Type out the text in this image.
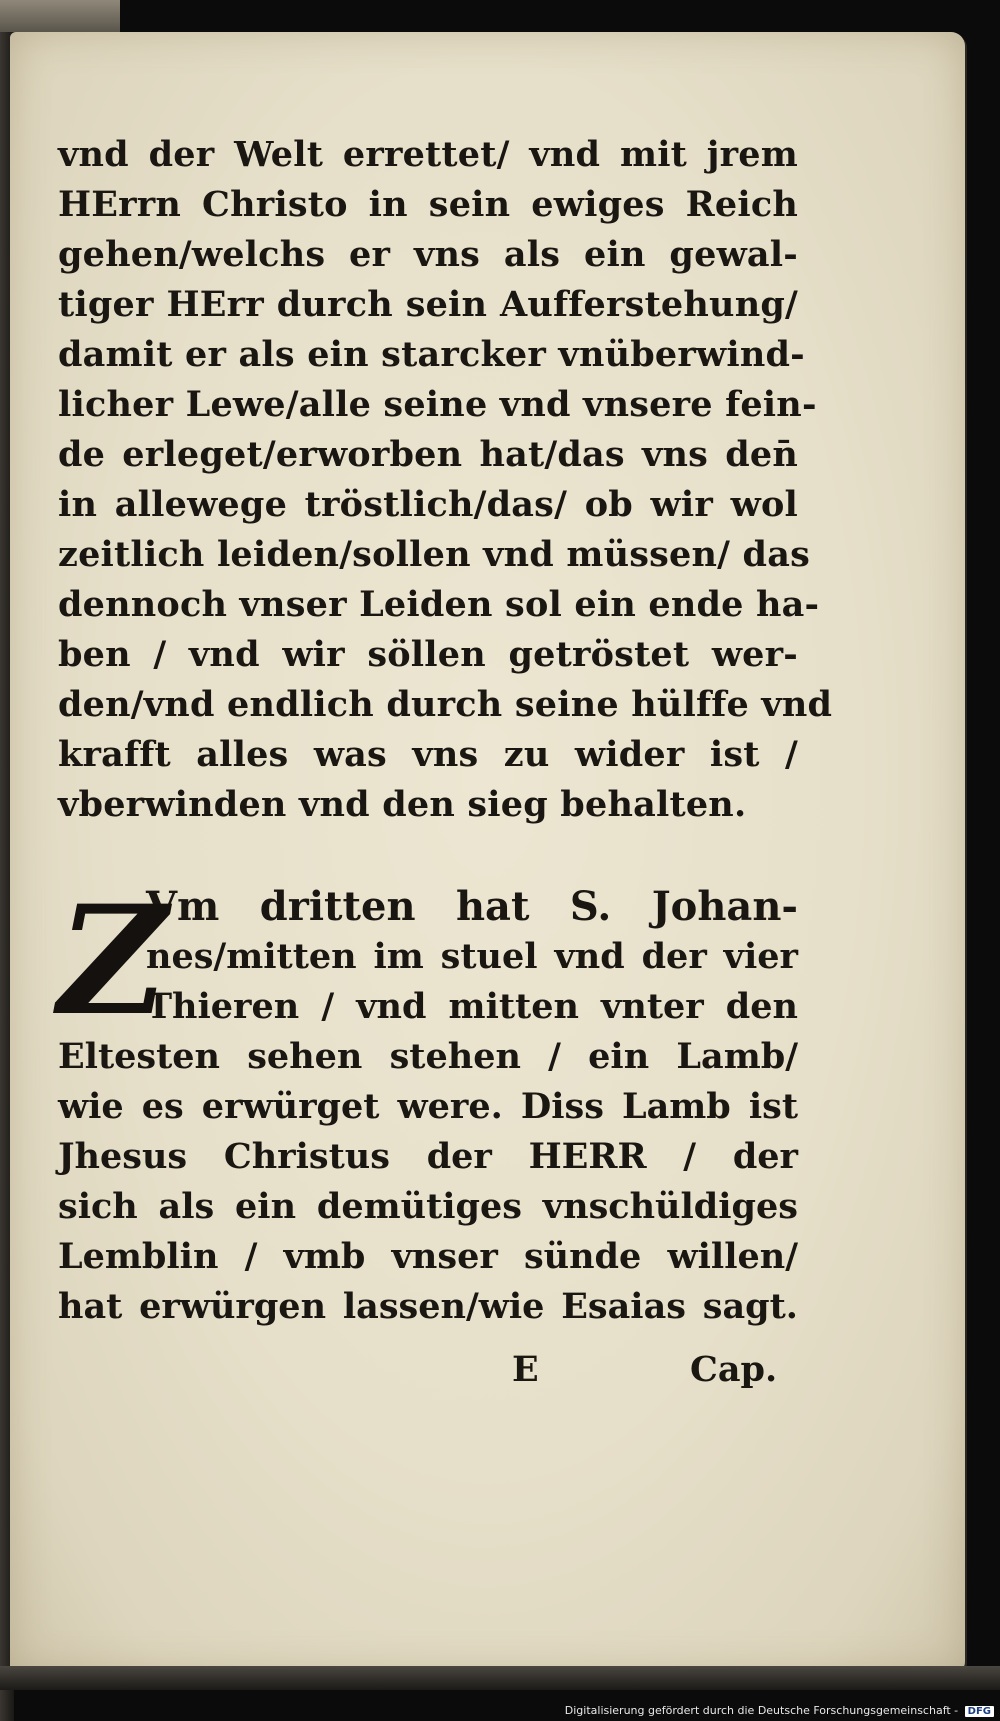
vnd der Welt errettet/ vnd mit jrem
HErrn Christo in sein ewiges Reich
gehen/welchs er vns als ein gewal-
tiger HErr durch sein Aufferstehung/
damit er als ein starcker vnüberwind-
licher Lewe/alle seine vnd vnsere fein-
de erleget/erworben hat/das vns den̄
in allewege tröstlich/das/ ob wir wol
zeitlich leiden/sollen vnd müssen/ das
dennoch vnser Leiden sol ein ende ha-
ben / vnd wir söllen getröstet wer-
den/vnd endlich durch seine hülffe vnd
krafft alles was vns zu wider ist /
vberwinden vnd den sieg behalten.
Z
Vm dritten hat S. Johan-
nes/mitten im stuel vnd der vier
Thieren / vnd mitten vnter den
Eltesten sehen stehen / ein Lamb/
wie es erwürget were. Diss Lamb ist
Jhesus Christus der HERR / der
sich als ein demütiges vnschüldiges
Lemblin / vmb vnser sünde willen/
hat erwürgen lassen/wie Esaias sagt.
E	Cap.
Digitalisierung gefördert durch die Deutsche Forschungsgemeinschaft - DFG
